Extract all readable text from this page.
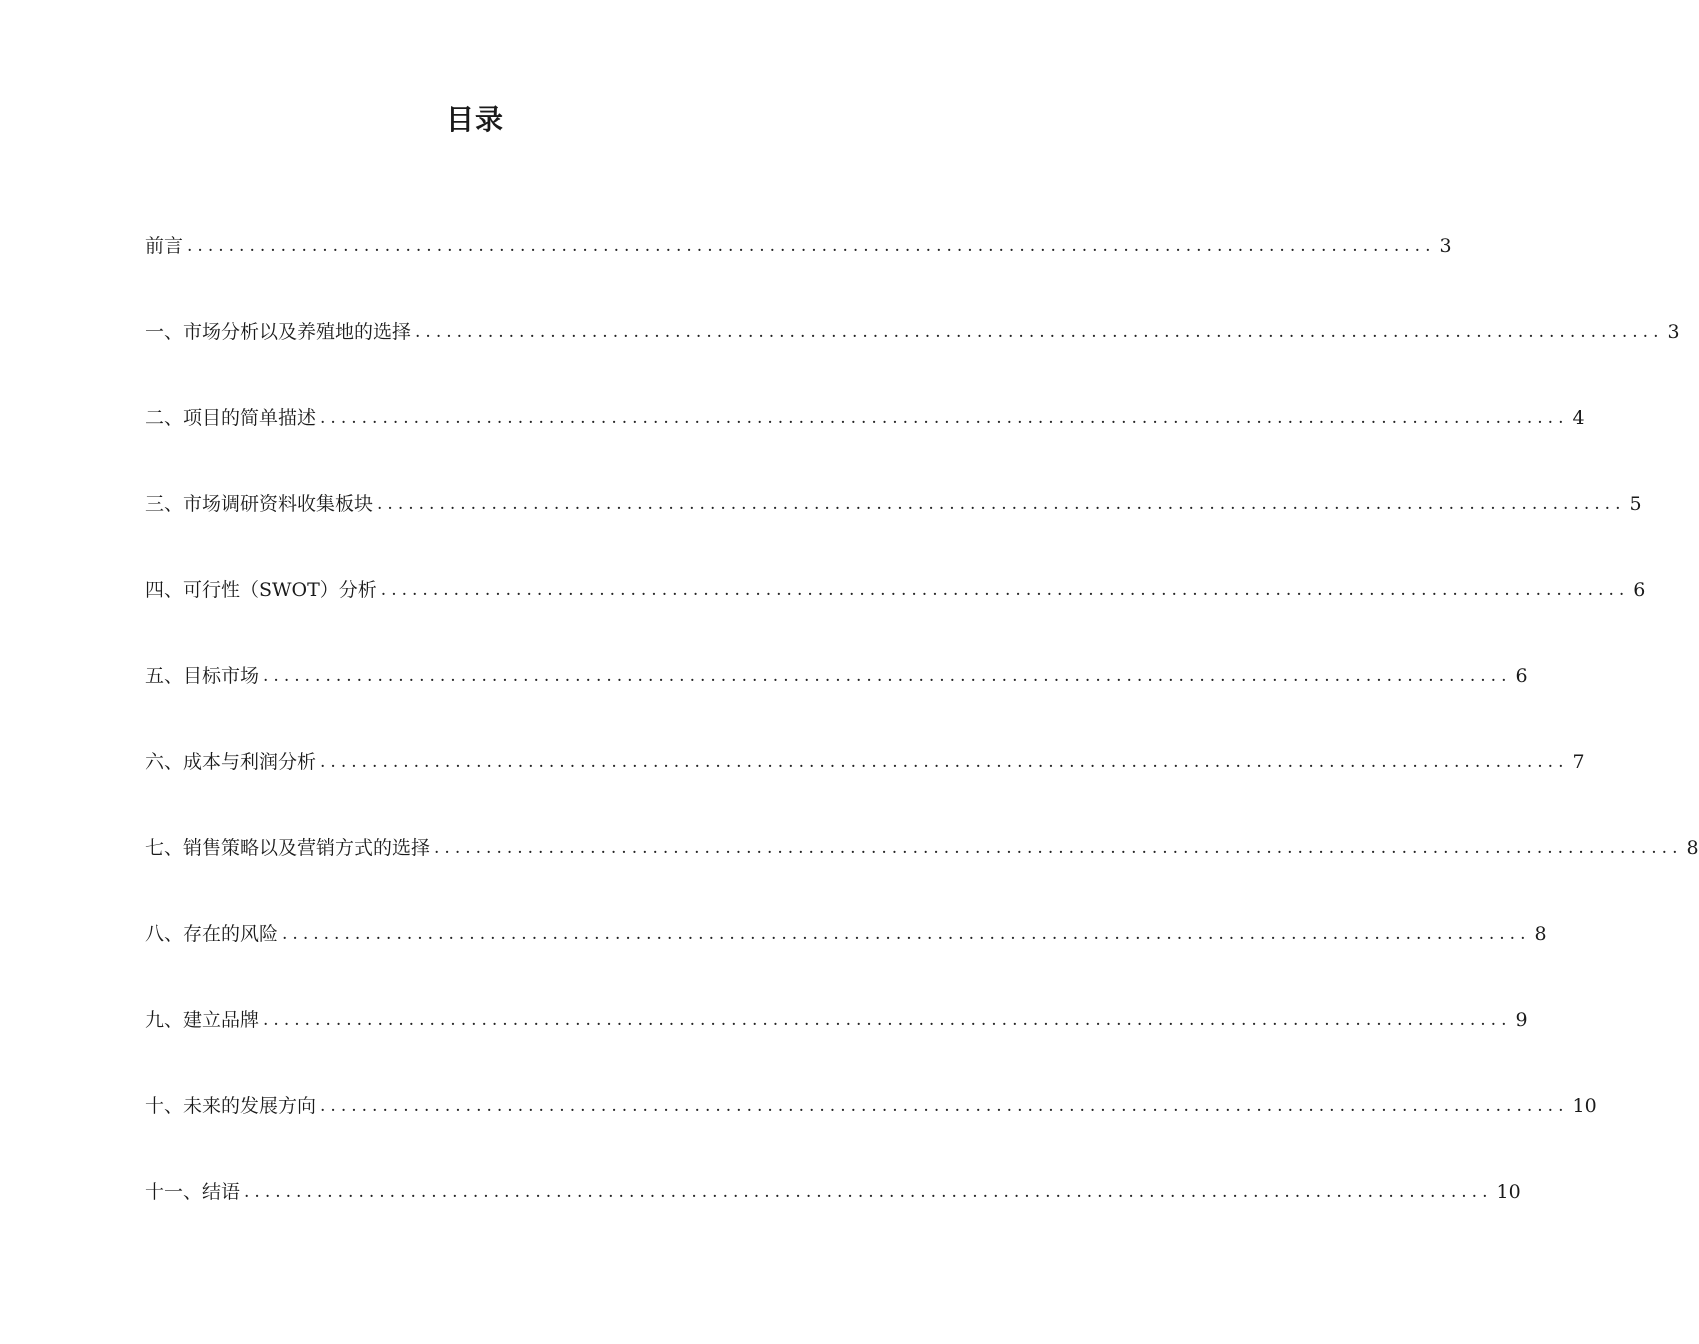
目录
前言 ........................................................................................................................ 3
一、市场分析以及养殖地的选择 ........................................................................................................................ 3
二、项目的简单描述 ........................................................................................................................ 4
三、市场调研资料收集板块 ........................................................................................................................ 5
四、可行性（SWOT）分析 ........................................................................................................................ 6
五、目标市场 ........................................................................................................................ 6
六、成本与利润分析 ........................................................................................................................ 7
七、销售策略以及营销方式的选择 ........................................................................................................................ 8
八、存在的风险 ........................................................................................................................ 8
九、建立品牌 ........................................................................................................................ 9
十、未来的发展方向 ........................................................................................................................ 10
十一、结语 ........................................................................................................................ 10
